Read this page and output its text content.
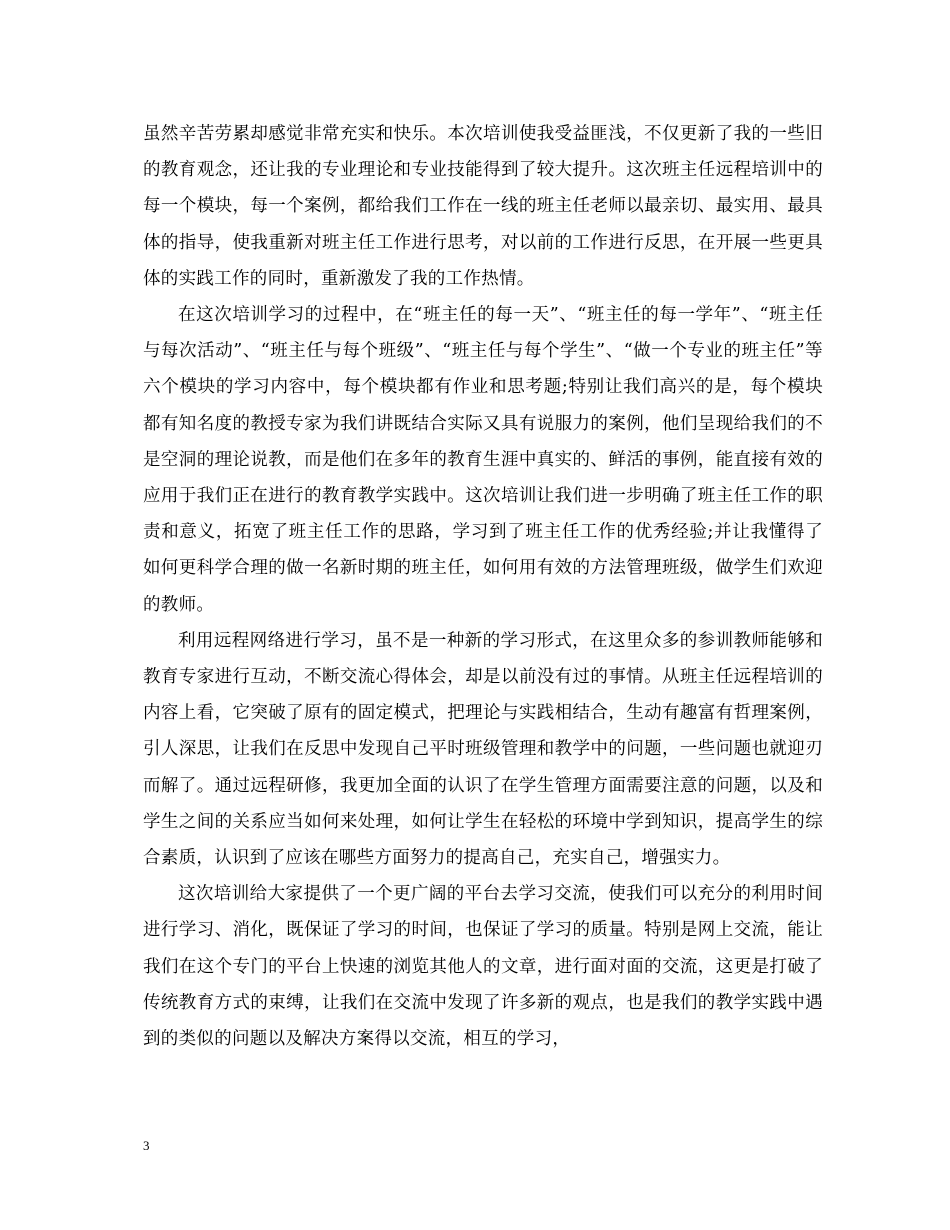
虽然辛苦劳累却感觉非常充实和快乐。本次培训使我受益匪浅，不仅更新了我的一些旧的教育观念，还让我的专业理论和专业技能得到了较大提升。这次班主任远程培训中的每一个模块，每一个案例，都给我们工作在一线的班主任老师以最亲切、最实用、最具体的指导，使我重新对班主任工作进行思考，对以前的工作进行反思，在开展一些更具体的实践工作的同时，重新激发了我的工作热情。

在这次培训学习的过程中，在“班主任的每一天”、“班主任的每一学年”、“班主任与每次活动”、“班主任与每个班级”、“班主任与每个学生”、“做一个专业的班主任”等六个模块的学习内容中，每个模块都有作业和思考题;特别让我们高兴的是，每个模块都有知名度的教授专家为我们讲既结合实际又具有说服力的案例，他们呈现给我们的不是空洞的理论说教，而是他们在多年的教育生涯中真实的、鲜活的事例，能直接有效的应用于我们正在进行的教育教学实践中。这次培训让我们进一步明确了班主任工作的职责和意义，拓宽了班主任工作的思路，学习到了班主任工作的优秀经验;并让我懂得了如何更科学合理的做一名新时期的班主任，如何用有效的方法管理班级，做学生们欢迎的教师。

利用远程网络进行学习，虽不是一种新的学习形式，在这里众多的参训教师能够和教育专家进行互动，不断交流心得体会，却是以前没有过的事情。从班主任远程培训的内容上看，它突破了原有的固定模式，把理论与实践相结合，生动有趣富有哲理案例，引人深思，让我们在反思中发现自己平时班级管理和教学中的问题，一些问题也就迎刃而解了。通过远程研修，我更加全面的认识了在学生管理方面需要注意的问题，以及和学生之间的关系应当如何来处理，如何让学生在轻松的环境中学到知识，提高学生的综合素质，认识到了应该在哪些方面努力的提高自己，充实自己，增强实力。

这次培训给大家提供了一个更广阔的平台去学习交流，使我们可以充分的利用时间进行学习、消化，既保证了学习的时间，也保证了学习的质量。特别是网上交流，能让我们在这个专门的平台上快速的浏览其他人的文章，进行面对面的交流，这更是打破了传统教育方式的束缚，让我们在交流中发现了许多新的观点，也是我们的教学实践中遇到的类似的问题以及解决方案得以交流，相互的学习，

3
